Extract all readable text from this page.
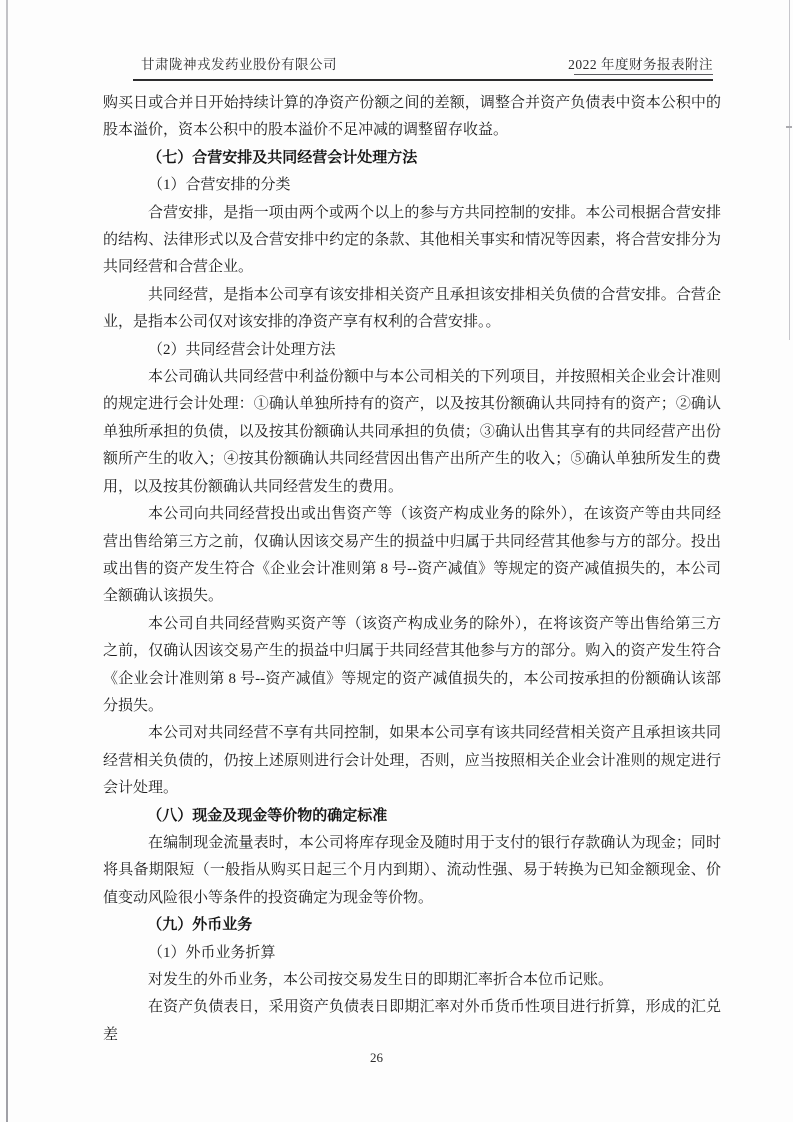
甘肃陇神戎发药业股份有限公司	2022 年度财务报表附注

购买日或合并日开始持续计算的净资产份额之间的差额，调整合并资产负债表中资本公积中的股本溢价，资本公积中的股本溢价不足冲减的调整留存收益。

（七）合营安排及共同经营会计处理方法

（1）合营安排的分类

合营安排，是指一项由两个或两个以上的参与方共同控制的安排。本公司根据合营安排的结构、法律形式以及合营安排中约定的条款、其他相关事实和情况等因素，将合营安排分为共同经营和合营企业。

共同经营，是指本公司享有该安排相关资产且承担该安排相关负债的合营安排。合营企业，是指本公司仅对该安排的净资产享有权利的合营安排。。

（2）共同经营会计处理方法

本公司确认共同经营中利益份额中与本公司相关的下列项目，并按照相关企业会计准则的规定进行会计处理：①确认单独所持有的资产，以及按其份额确认共同持有的资产；②确认单独所承担的负债，以及按其份额确认共同承担的负债；③确认出售其享有的共同经营产出份额所产生的收入；④按其份额确认共同经营因出售产出所产生的收入；⑤确认单独所发生的费用，以及按其份额确认共同经营发生的费用。

本公司向共同经营投出或出售资产等（该资产构成业务的除外），在该资产等由共同经营出售给第三方之前，仅确认因该交易产生的损益中归属于共同经营其他参与方的部分。投出或出售的资产发生符合《企业会计准则第 8 号--资产减值》等规定的资产减值损失的，本公司全额确认该损失。

本公司自共同经营购买资产等（该资产构成业务的除外），在将该资产等出售给第三方之前，仅确认因该交易产生的损益中归属于共同经营其他参与方的部分。购入的资产发生符合《企业会计准则第 8 号--资产减值》等规定的资产减值损失的，本公司按承担的份额确认该部分损失。

本公司对共同经营不享有共同控制，如果本公司享有该共同经营相关资产且承担该共同经营相关负债的，仍按上述原则进行会计处理，否则，应当按照相关企业会计准则的规定进行会计处理。

（八）现金及现金等价物的确定标准

在编制现金流量表时，本公司将库存现金及随时用于支付的银行存款确认为现金；同时将具备期限短（一般指从购买日起三个月内到期）、流动性强、易于转换为已知金额现金、价值变动风险很小等条件的投资确定为现金等价物。

（九）外币业务

（1）外币业务折算

对发生的外币业务，本公司按交易发生日的即期汇率折合本位币记账。

在资产负债表日，采用资产负债表日即期汇率对外币货币性项目进行折算，形成的汇兑差

26
